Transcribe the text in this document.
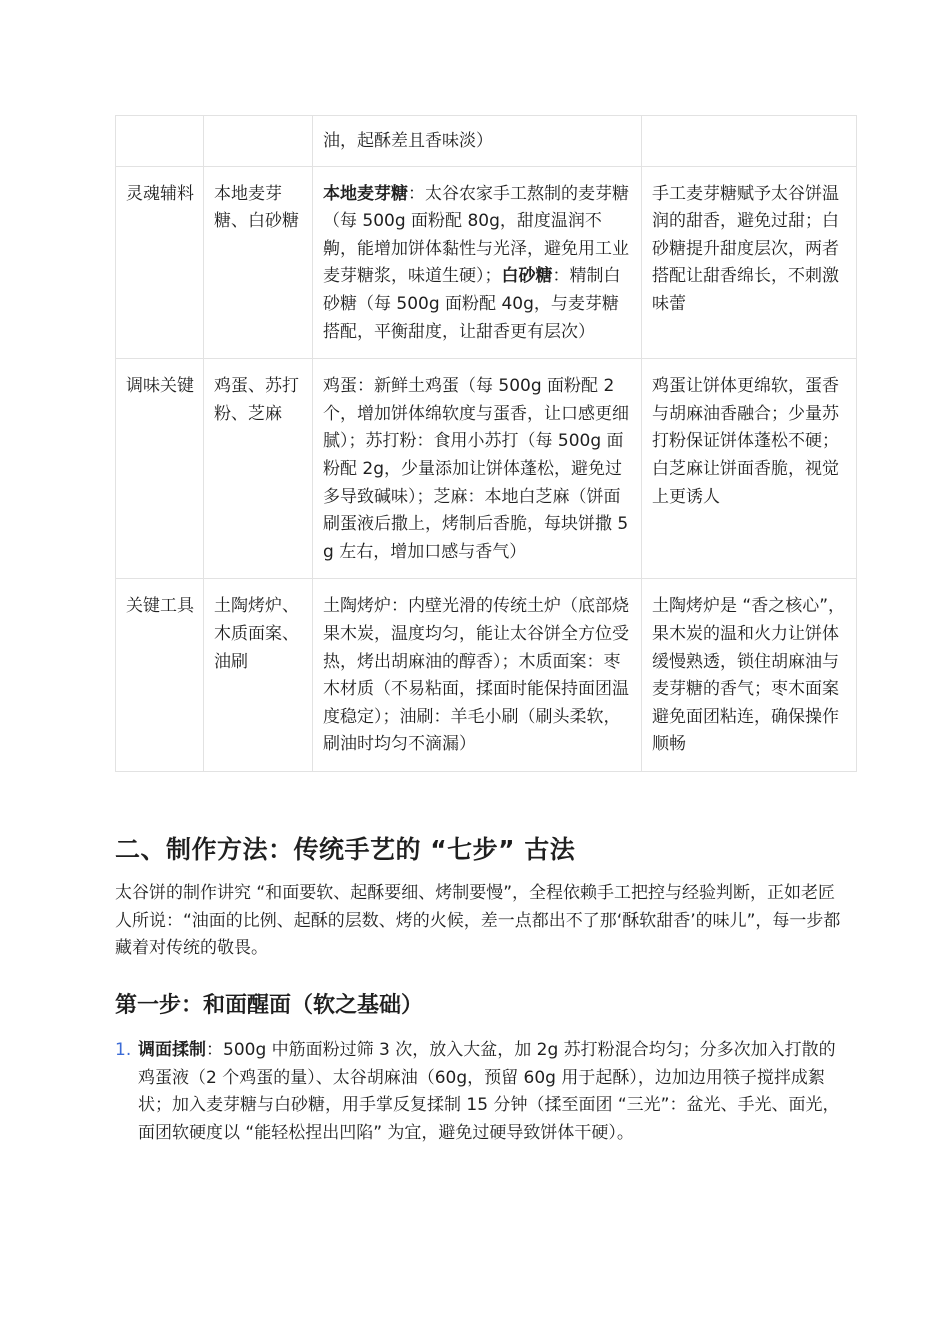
		油，起酥差且香味淡）	
灵魂辅料	本地麦芽糖、白砂糖	本地麦芽糖：太谷农家手工熬制的麦芽糖（每 500g 面粉配 80g，甜度温润不齁，能增加饼体黏性与光泽，避免用工业麦芽糖浆，味道生硬）；白砂糖：精制白砂糖（每 500g 面粉配 40g，与麦芽糖搭配，平衡甜度，让甜香更有层次）	手工麦芽糖赋予太谷饼温润的甜香，避免过甜；白砂糖提升甜度层次，两者搭配让甜香绵长，不刺激味蕾
调味关键	鸡蛋、苏打粉、芝麻	鸡蛋：新鲜土鸡蛋（每 500g 面粉配 2 个，增加饼体绵软度与蛋香，让口感更细腻）；苏打粉：食用小苏打（每 500g 面粉配 2g，少量添加让饼体蓬松，避免过多导致碱味）；芝麻：本地白芝麻（饼面刷蛋液后撒上，烤制后香脆，每块饼撒 5g 左右，增加口感与香气）	鸡蛋让饼体更绵软，蛋香与胡麻油香融合；少量苏打粉保证饼体蓬松不硬；白芝麻让饼面香脆，视觉上更诱人
关键工具	土陶烤炉、木质面案、油刷	土陶烤炉：内壁光滑的传统土炉（底部烧果木炭，温度均匀，能让太谷饼全方位受热，烤出胡麻油的醇香）；木质面案：枣木材质（不易粘面，揉面时能保持面团温度稳定）；油刷：羊毛小刷（刷头柔软，刷油时均匀不滴漏）	土陶烤炉是 “香之核心”，果木炭的温和火力让饼体缓慢熟透，锁住胡麻油与麦芽糖的香气；枣木面案避免面团粘连，确保操作顺畅
二、制作方法：传统手艺的 “七步” 古法

太谷饼的制作讲究 “和面要软、起酥要细、烤制要慢”，全程依赖手工把控与经验判断，正如老匠人所说：“油面的比例、起酥的层数、烤的火候，差一点都出不了那‘酥软甜香’的味儿”，每一步都藏着对传统的敬畏。

第一步：和面醒面（软之基础）
1. 调面揉制：500g 中筋面粉过筛 3 次，放入大盆，加 2g 苏打粉混合均匀；分多次加入打散的鸡蛋液（2 个鸡蛋的量）、太谷胡麻油（60g，预留 60g 用于起酥），边加边用筷子搅拌成絮状；加入麦芽糖与白砂糖，用手掌反复揉制 15 分钟（揉至面团 “三光”：盆光、手光、面光，面团软硬度以 “能轻松捏出凹陷” 为宜，避免过硬导致饼体干硬）。
